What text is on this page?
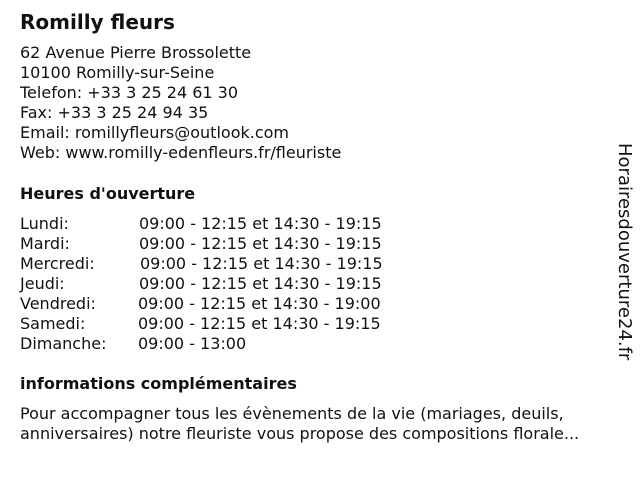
Romilly fleurs
62 Avenue Pierre Brossolette
10100 Romilly-sur-Seine
Telefon: +33 3 25 24 61 30
Fax: +33 3 25 24 94 35
Email: romillyfleurs@outlook.com
Web: www.romilly-edenfleurs.fr/fleuriste
Heures d'ouverture
Lundi:	09:00 - 12:15 et 14:30 - 19:15
Mardi:	09:00 - 12:15 et 14:30 - 19:15
Mercredi:	09:00 - 12:15 et 14:30 - 19:15
Jeudi:	09:00 - 12:15 et 14:30 - 19:15
Vendredi:	09:00 - 12:15 et 14:30 - 19:00
Samedi:	09:00 - 12:15 et 14:30 - 19:15
Dimanche: 09:00 - 13:00
informations complémentaires
Pour accompagner tous les évènements de la vie (mariages, deuils,
anniversaires) notre fleuriste vous propose des compositions florale...
Horairesdouverture24.fr
